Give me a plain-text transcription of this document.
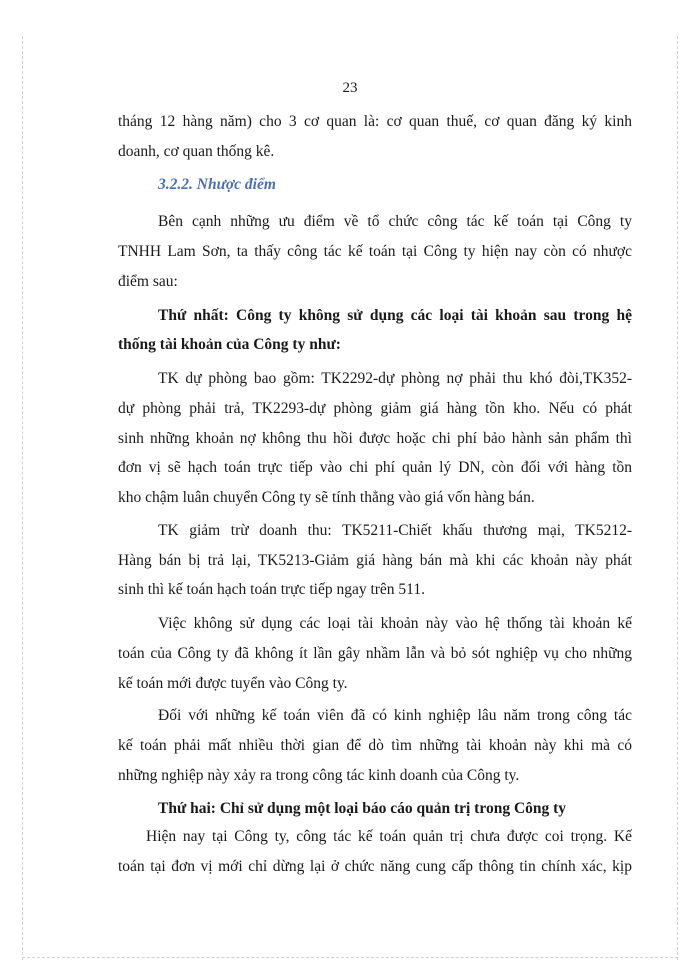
23
tháng 12 hàng năm) cho 3 cơ quan là: cơ quan thuế, cơ quan đăng ký kinh
doanh, cơ quan thống kê.
3.2.2. Nhược điểm
Bên cạnh những ưu điểm về tổ chức công tác kế toán tại Công ty
TNHH Lam Sơn, ta thấy công tác kế toán tại Công ty hiện nay còn có nhược
điểm sau:
Thứ nhất: Công ty không sử dụng các loại tài khoản sau trong hệ
thống tài khoản của Công ty như:
TK dự phòng bao gồm: TK2292-dự phòng nợ phải thu khó đòi,TK352-
dự phòng phải trả, TK2293-dự phòng giảm giá hàng tồn kho. Nếu có phát
sinh những khoản nợ không thu hồi được hoặc chi phí bảo hành sản phẩm thì
đơn vị sẽ hạch toán trực tiếp vào chi phí quản lý DN, còn đối với hàng tồn
kho chậm luân chuyển Công ty sẽ tính thẳng vào giá vốn hàng bán.
TK giảm trừ doanh thu: TK5211-Chiết khấu thương mại, TK5212-
Hàng bán bị trả lại, TK5213-Giảm giá hàng bán mà khi các khoản này phát
sinh thì kế toán hạch toán trực tiếp ngay trên 511.
Việc không sử dụng các loại tài khoản này vào hệ thống tài khoản kế
toán của Công ty đã không ít lần gây nhầm lẫn và bỏ sót nghiệp vụ cho những
kế toán mới được tuyển vào Công ty.
Đối với những kế toán viên đã có kinh nghiệp lâu năm trong công tác
kế toán phải mất nhiều thời gian để dò tìm những tài khoản này khi mà có
những nghiệp này xảy ra trong công tác kinh doanh của Công ty.
Thứ hai: Chỉ sử dụng một loại báo cáo quản trị trong Công ty
Hiện nay tại Công ty, công tác kế toán quản trị chưa được coi trọng. Kế
toán tại đơn vị mới chỉ dừng lại ở chức năng cung cấp thông tin chính xác, kịp
